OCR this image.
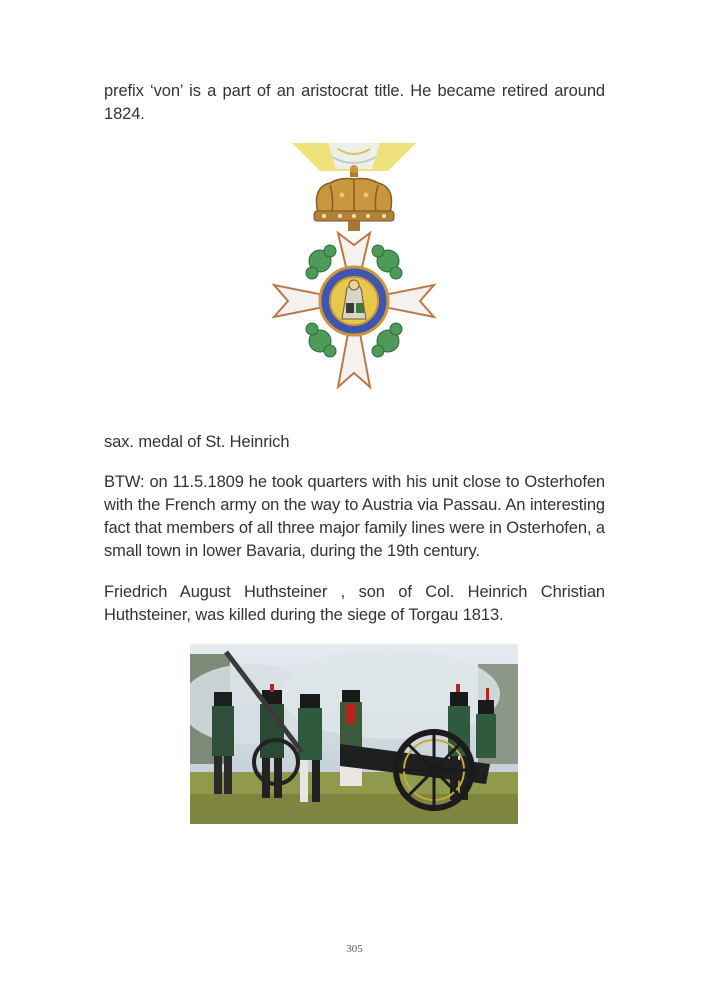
prefix ‘von’ is a part of an aristocrat title. He became retired around 1824.

sax. medal of St. Heinrich

BTW: on 11.5.1809 he took quarters with his unit close to Osterhofen with the French army on the way to Austria via Passau. An interesting fact that members of all three major family lines were in Osterhofen, a small town in lower Bavaria, during the 19th century.

Friedrich August Huthsteiner , son of Col. Heinrich Christian Huthsteiner, was killed during the siege of Torgau 1813.

305
